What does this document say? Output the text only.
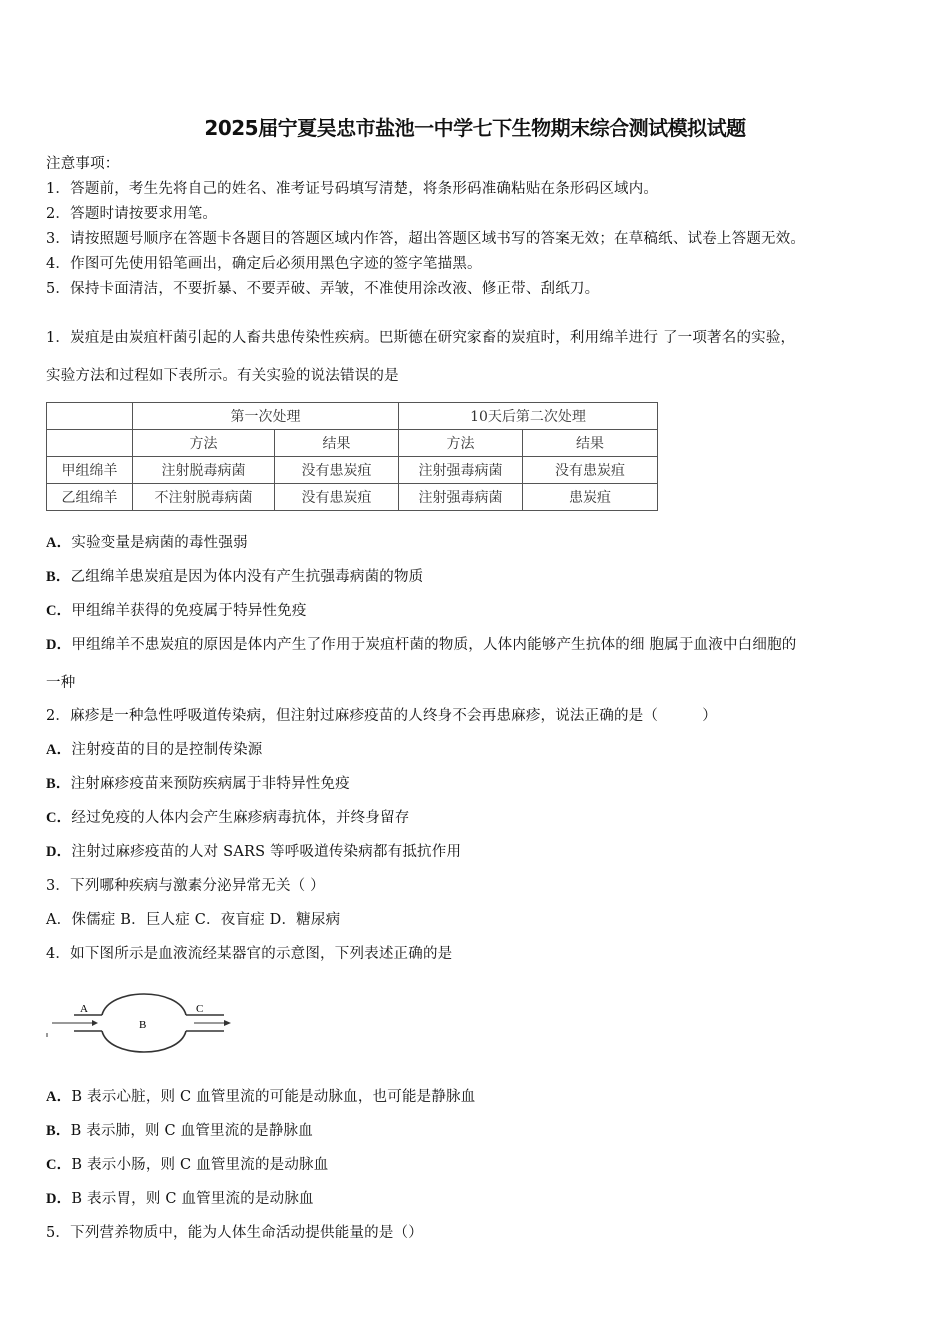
2025届宁夏吴忠市盐池一中学七下生物期末综合测试模拟试题
注意事项：
1．答题前，考生先将自己的姓名、准考证号码填写清楚，将条形码准确粘贴在条形码区域内。
2．答题时请按要求用笔。
3．请按照题号顺序在答题卡各题目的答题区域内作答，超出答题区域书写的答案无效；在草稿纸、试卷上答题无效。
4．作图可先使用铅笔画出，确定后必须用黑色字迹的签字笔描黑。
5．保持卡面清洁，不要折暴、不要弄破、弄皱，不准使用涂改液、修正带、刮纸刀。
1．炭疽是由炭疽杆菌引起的人畜共患传染性疾病。巴斯德在研究家畜的炭疽时，利用绵羊进行 了一项著名的实验，
实验方法和过程如下表所示。有关实验的说法错误的是
	第一次处理		10天后第二次处理	
	方法	结果	方法	结果
甲组绵羊	注射脱毒病菌	没有患炭疽	注射强毒病菌	没有患炭疽
乙组绵羊	不注射脱毒病菌	没有患炭疽	注射强毒病菌	患炭疽
A．实验变量是病菌的毒性强弱
B．乙组绵羊患炭疽是因为体内没有产生抗强毒病菌的物质
C．甲组绵羊获得的免疫属于特异性免疫
D．甲组绵羊不患炭疽的原因是体内产生了作用于炭疽杆菌的物质，人体内能够产生抗体的细 胞属于血液中白细胞的
一种
2．麻疹是一种急性呼吸道传染病，但注射过麻疹疫苗的人终身不会再患麻疹，说法正确的是（　　　）
A．注射疫苗的目的是控制传染源
B．注射麻疹疫苗来预防疾病属于非特异性免疫
C．经过免疫的人体内会产生麻疹病毒抗体，并终身留存
D．注射过麻疹疫苗的人对 SARS 等呼吸道传染病都有抵抗作用
3．下列哪种疾病与激素分泌异常无关（ ）
A．侏儒症 B．巨人症 C．夜盲症 D．糖尿病
4．如下图所示是血液流经某器官的示意图，下列表述正确的是
A
B
C
A．B 表示心脏，则 C 血管里流的可能是动脉血，也可能是静脉血
B．B 表示肺，则 C 血管里流的是静脉血
C．B 表示小肠，则 C 血管里流的是动脉血
D．B 表示胃，则 C 血管里流的是动脉血
5．下列营养物质中，能为人体生命活动提供能量的是（）
